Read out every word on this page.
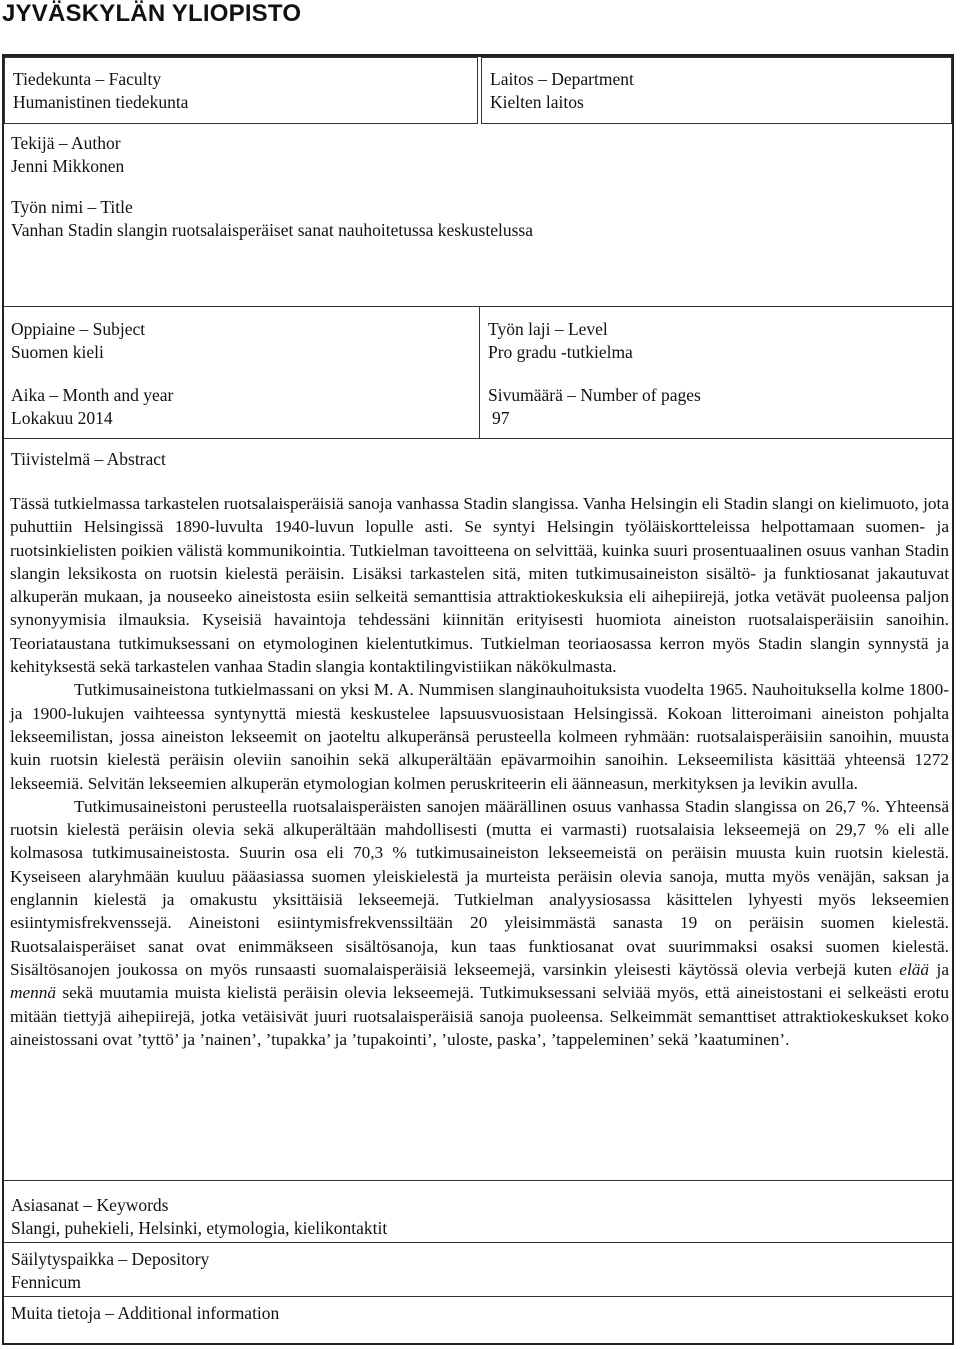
JYVÄSKYLÄN YLIOPISTO
Tiedekunta – Faculty
Humanistinen tiedekunta
Laitos – Department
Kielten laitos
Tekijä – Author
Jenni Mikkonen
Työn nimi – Title
Vanhan Stadin slangin ruotsalaisperäiset sanat nauhoitetussa keskustelussa
Oppiaine – Subject
Suomen kieli
Työn laji – Level
Pro gradu -tutkielma
Aika – Month and year
Lokakuu 2014
Sivumäärä – Number of pages
97
Tiivistelmä – Abstract

Tässä tutkielmassa tarkastelen ruotsalaisperäisiä sanoja vanhassa Stadin slangissa. Vanha Helsingin eli Stadin slangi on kielimuoto, jota puhuttiin Helsingissä 1890-luvulta 1940-luvun lopulle asti. Se syntyi Helsingin työläiskortteleissa helpottamaan suomen- ja ruotsinkielisten poikien välistä kommunikointia. Tutkielman tavoitteena on selvittää, kuinka suuri prosentuaalinen osuus vanhan Stadin slangin leksikosta on ruotsin kielestä peräisin. Lisäksi tarkastelen sitä, miten tutkimusaineiston sisältö- ja funktiosanat jakautuvat alkuperän mukaan, ja nouseeko aineistosta esiin selkeitä semanttisia attraktiokeskuksia eli aihepiirejä, jotka vetävät puoleensa paljon synonyymisia ilmauksia. Kyseisiä havaintoja tehdessäni kiinnitän erityisesti huomiota aineiston ruotsalaisperäisiin sanoihin. Teoriataustana tutkimuksessani on etymologinen kielentutkimus. Tutkielman teoriaosassa kerron myös Stadin slangin synnystä ja kehityksestä sekä tarkastelen vanhaa Stadin slangia kontaktilingvistiikan näkökulmasta.

Tutkimusaineistona tutkielmassani on yksi M. A. Nummisen slanginauhoituksista vuodelta 1965. Nauhoituksella kolme 1800- ja 1900-lukujen vaihteessa syntynyttä miestä keskustelee lapsuusvuosistaan Helsingissä. Kokoan litteroimani aineiston pohjalta lekseemilistan, jossa aineiston lekseemit on jaoteltu alkuperänsä perusteella kolmeen ryhmään: ruotsalaisperäisiin sanoihin, muusta kuin ruotsin kielestä peräisin oleviin sanoihin sekä alkuperältään epävarmoihin sanoihin. Lekseemilista käsittää yhteensä 1272 lekseemiä. Selvitän lekseemien alkuperän etymologian kolmen peruskriteerin eli äänneasun, merkityksen ja levikin avulla.

Tutkimusaineistoni perusteella ruotsalaisperäisten sanojen määrällinen osuus vanhassa Stadin slangissa on 26,7 %. Yhteensä ruotsin kielestä peräisin olevia sekä alkuperältään mahdollisesti (mutta ei varmasti) ruotsalaisia lekseemejä on 29,7 % eli alle kolmasosa tutkimusaineistosta. Suurin osa eli 70,3 % tutkimusaineiston lekseemeistä on peräisin muusta kuin ruotsin kielestä. Kyseiseen alaryhmään kuuluu pääasiassa suomen yleiskielestä ja murteista peräisin olevia sanoja, mutta myös venäjän, saksan ja englannin kielestä ja omakustu yksittäisiä lekseemejä. Tutkielman analyysiosassa käsittelen lyhyesti myös lekseemien esiintymisfrekvenssejä. Aineistoni esiintymisfrekvenssiltään 20 yleisimmästä sanasta 19 on peräisin suomen kielestä. Ruotsalaisperäiset sanat ovat enimmäkseen sisältösanoja, kun taas funktiosanat ovat suurimmaksi osaksi suomen kielestä. Sisältösanojen joukossa on myös runsaasti suomalaisperäisiä lekseemejä, varsinkin yleisesti käytössä olevia verbejä kuten elää ja mennä sekä muutamia muista kielistä peräisin olevia lekseemejä. Tutkimuksessani selviää myös, että aineistostani ei selkeästi erotu mitään tiettyjä aihepiirejä, jotka vetäisivät juuri ruotsalaisperäisiä sanoja puoleensa. Selkeimmät semanttiset attraktiokeskukset koko aineistossani ovat ’tyttö’ ja ’nainen’, ’tupakka’ ja ’tupakointi’, ’uloste, paska’, ’tappeleminen’ sekä ’kaatuminen’.

Asiasanat – Keywords
Slangi, puhekieli, Helsinki, etymologia, kielikontaktit
Säilytyspaikka – Depository
Fennicum
Muita tietoja – Additional information
